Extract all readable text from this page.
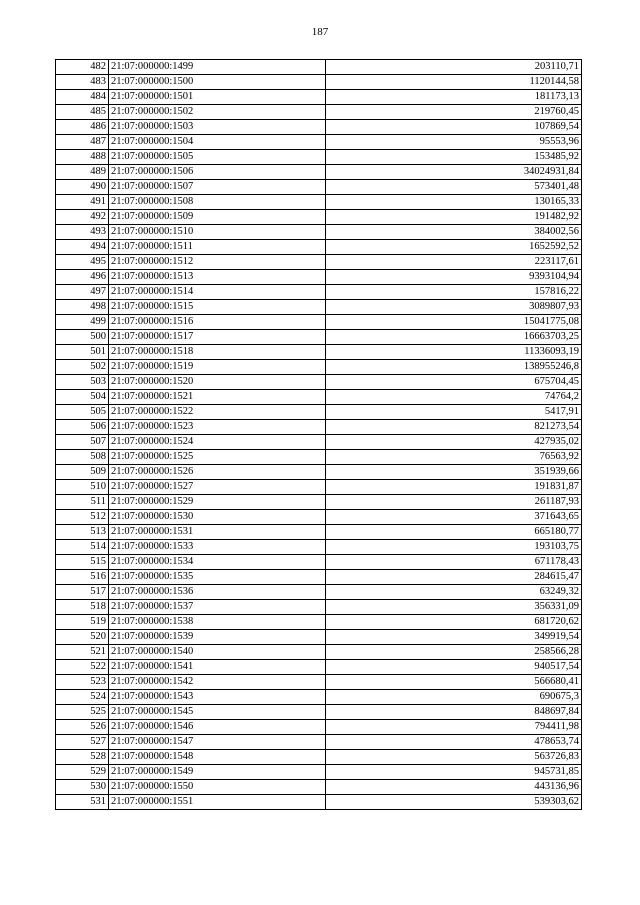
187
482	21:07:000000:1499	203110,71
483	21:07:000000:1500	1120144,58
484	21:07:000000:1501	181173,13
485	21:07:000000:1502	219760,45
486	21:07:000000:1503	107869,54
487	21:07:000000:1504	95553,96
488	21:07:000000:1505	153485,92
489	21:07:000000:1506	34024931,84
490	21:07:000000:1507	573401,48
491	21:07:000000:1508	130165,33
492	21:07:000000:1509	191482,92
493	21:07:000000:1510	384002,56
494	21:07:000000:1511	1652592,52
495	21:07:000000:1512	223117,61
496	21:07:000000:1513	9393104,94
497	21:07:000000:1514	157816,22
498	21:07:000000:1515	3089807,93
499	21:07:000000:1516	15041775,08
500	21:07:000000:1517	16663703,25
501	21:07:000000:1518	11336093,19
502	21:07:000000:1519	138955246,8
503	21:07:000000:1520	675704,45
504	21:07:000000:1521	74764,2
505	21:07:000000:1522	5417,91
506	21:07:000000:1523	821273,54
507	21:07:000000:1524	427935,02
508	21:07:000000:1525	76563,92
509	21:07:000000:1526	351939,66
510	21:07:000000:1527	191831,87
511	21:07:000000:1529	261187,93
512	21:07:000000:1530	371643,65
513	21:07:000000:1531	665180,77
514	21:07:000000:1533	193103,75
515	21:07:000000:1534	671178,43
516	21:07:000000:1535	284615,47
517	21:07:000000:1536	63249,32
518	21:07:000000:1537	356331,09
519	21:07:000000:1538	681720,62
520	21:07:000000:1539	349919,54
521	21:07:000000:1540	258566,28
522	21:07:000000:1541	940517,54
523	21:07:000000:1542	566680,41
524	21:07:000000:1543	690675,3
525	21:07:000000:1545	848697,84
526	21:07:000000:1546	794411,98
527	21:07:000000:1547	478653,74
528	21:07:000000:1548	563726,83
529	21:07:000000:1549	945731,85
530	21:07:000000:1550	443136,96
531	21:07:000000:1551	539303,62
